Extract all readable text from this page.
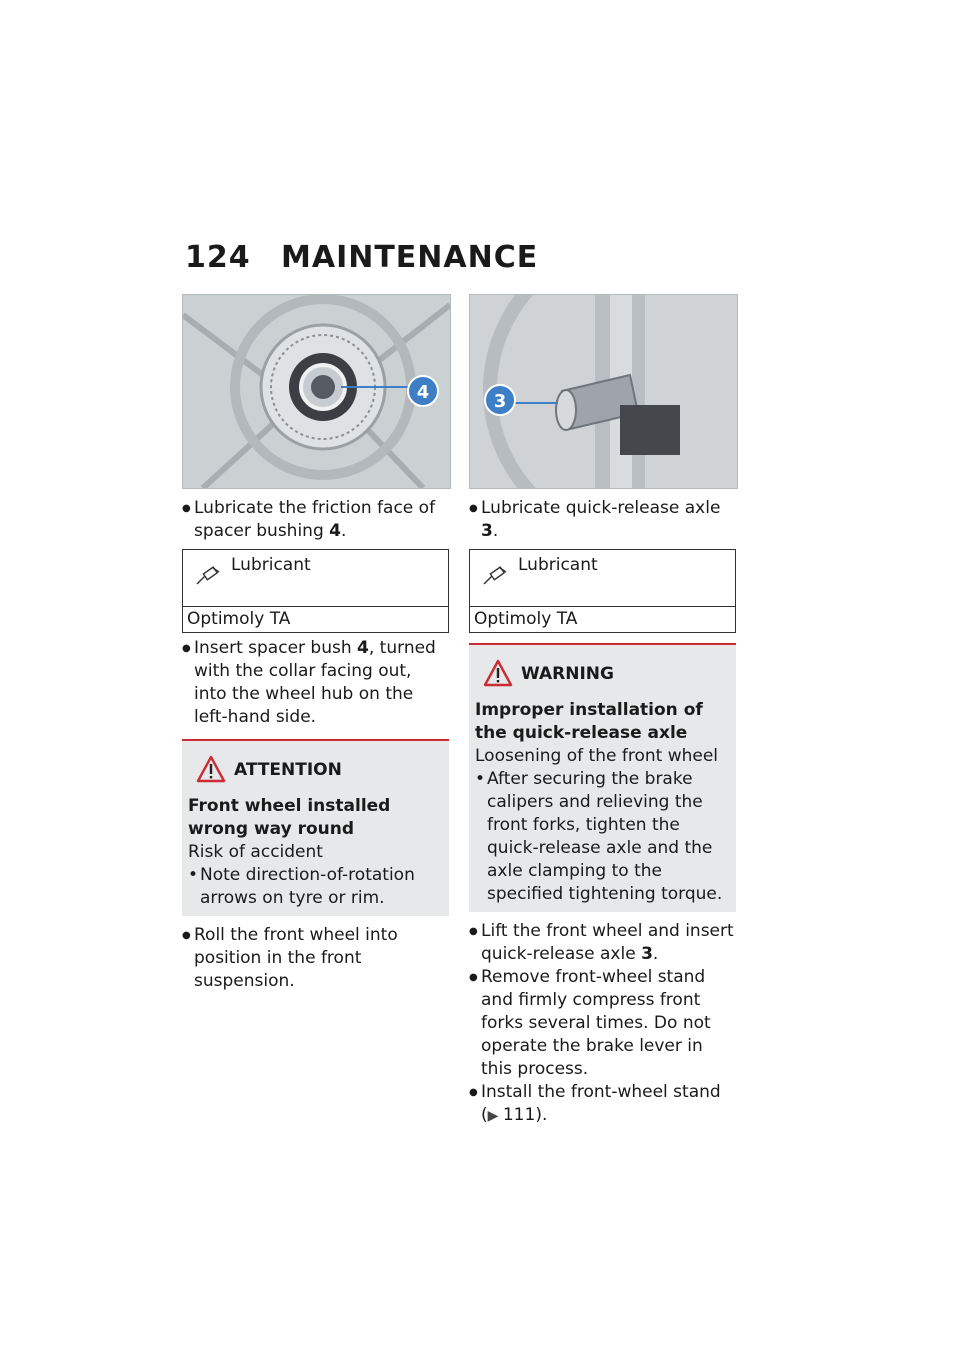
124 MAINTENANCE
4
● Lubricate the friction face of spacer bushing 4.
Lubricant
Optimoly TA
● Insert spacer bush 4, turned with the collar facing out, into the wheel hub on the left-hand side.
ATTENTION
Front wheel installed wrong way round
Risk of accident
• Note direction-of-rotation arrows on tyre or rim.
● Roll the front wheel into position in the front suspension.
3
● Lubricate quick-release axle 3.
Lubricant
Optimoly TA
WARNING
Improper installation of the quick-release axle
Loosening of the front wheel
• After securing the brake calipers and relieving the front forks, tighten the quick-release axle and the axle clamping to the specified tightening torque.
● Lift the front wheel and insert quick-release axle 3.
● Remove front-wheel stand and firmly compress front forks several times. Do not operate the brake lever in this process.
● Install the front-wheel stand (▶ 111).
